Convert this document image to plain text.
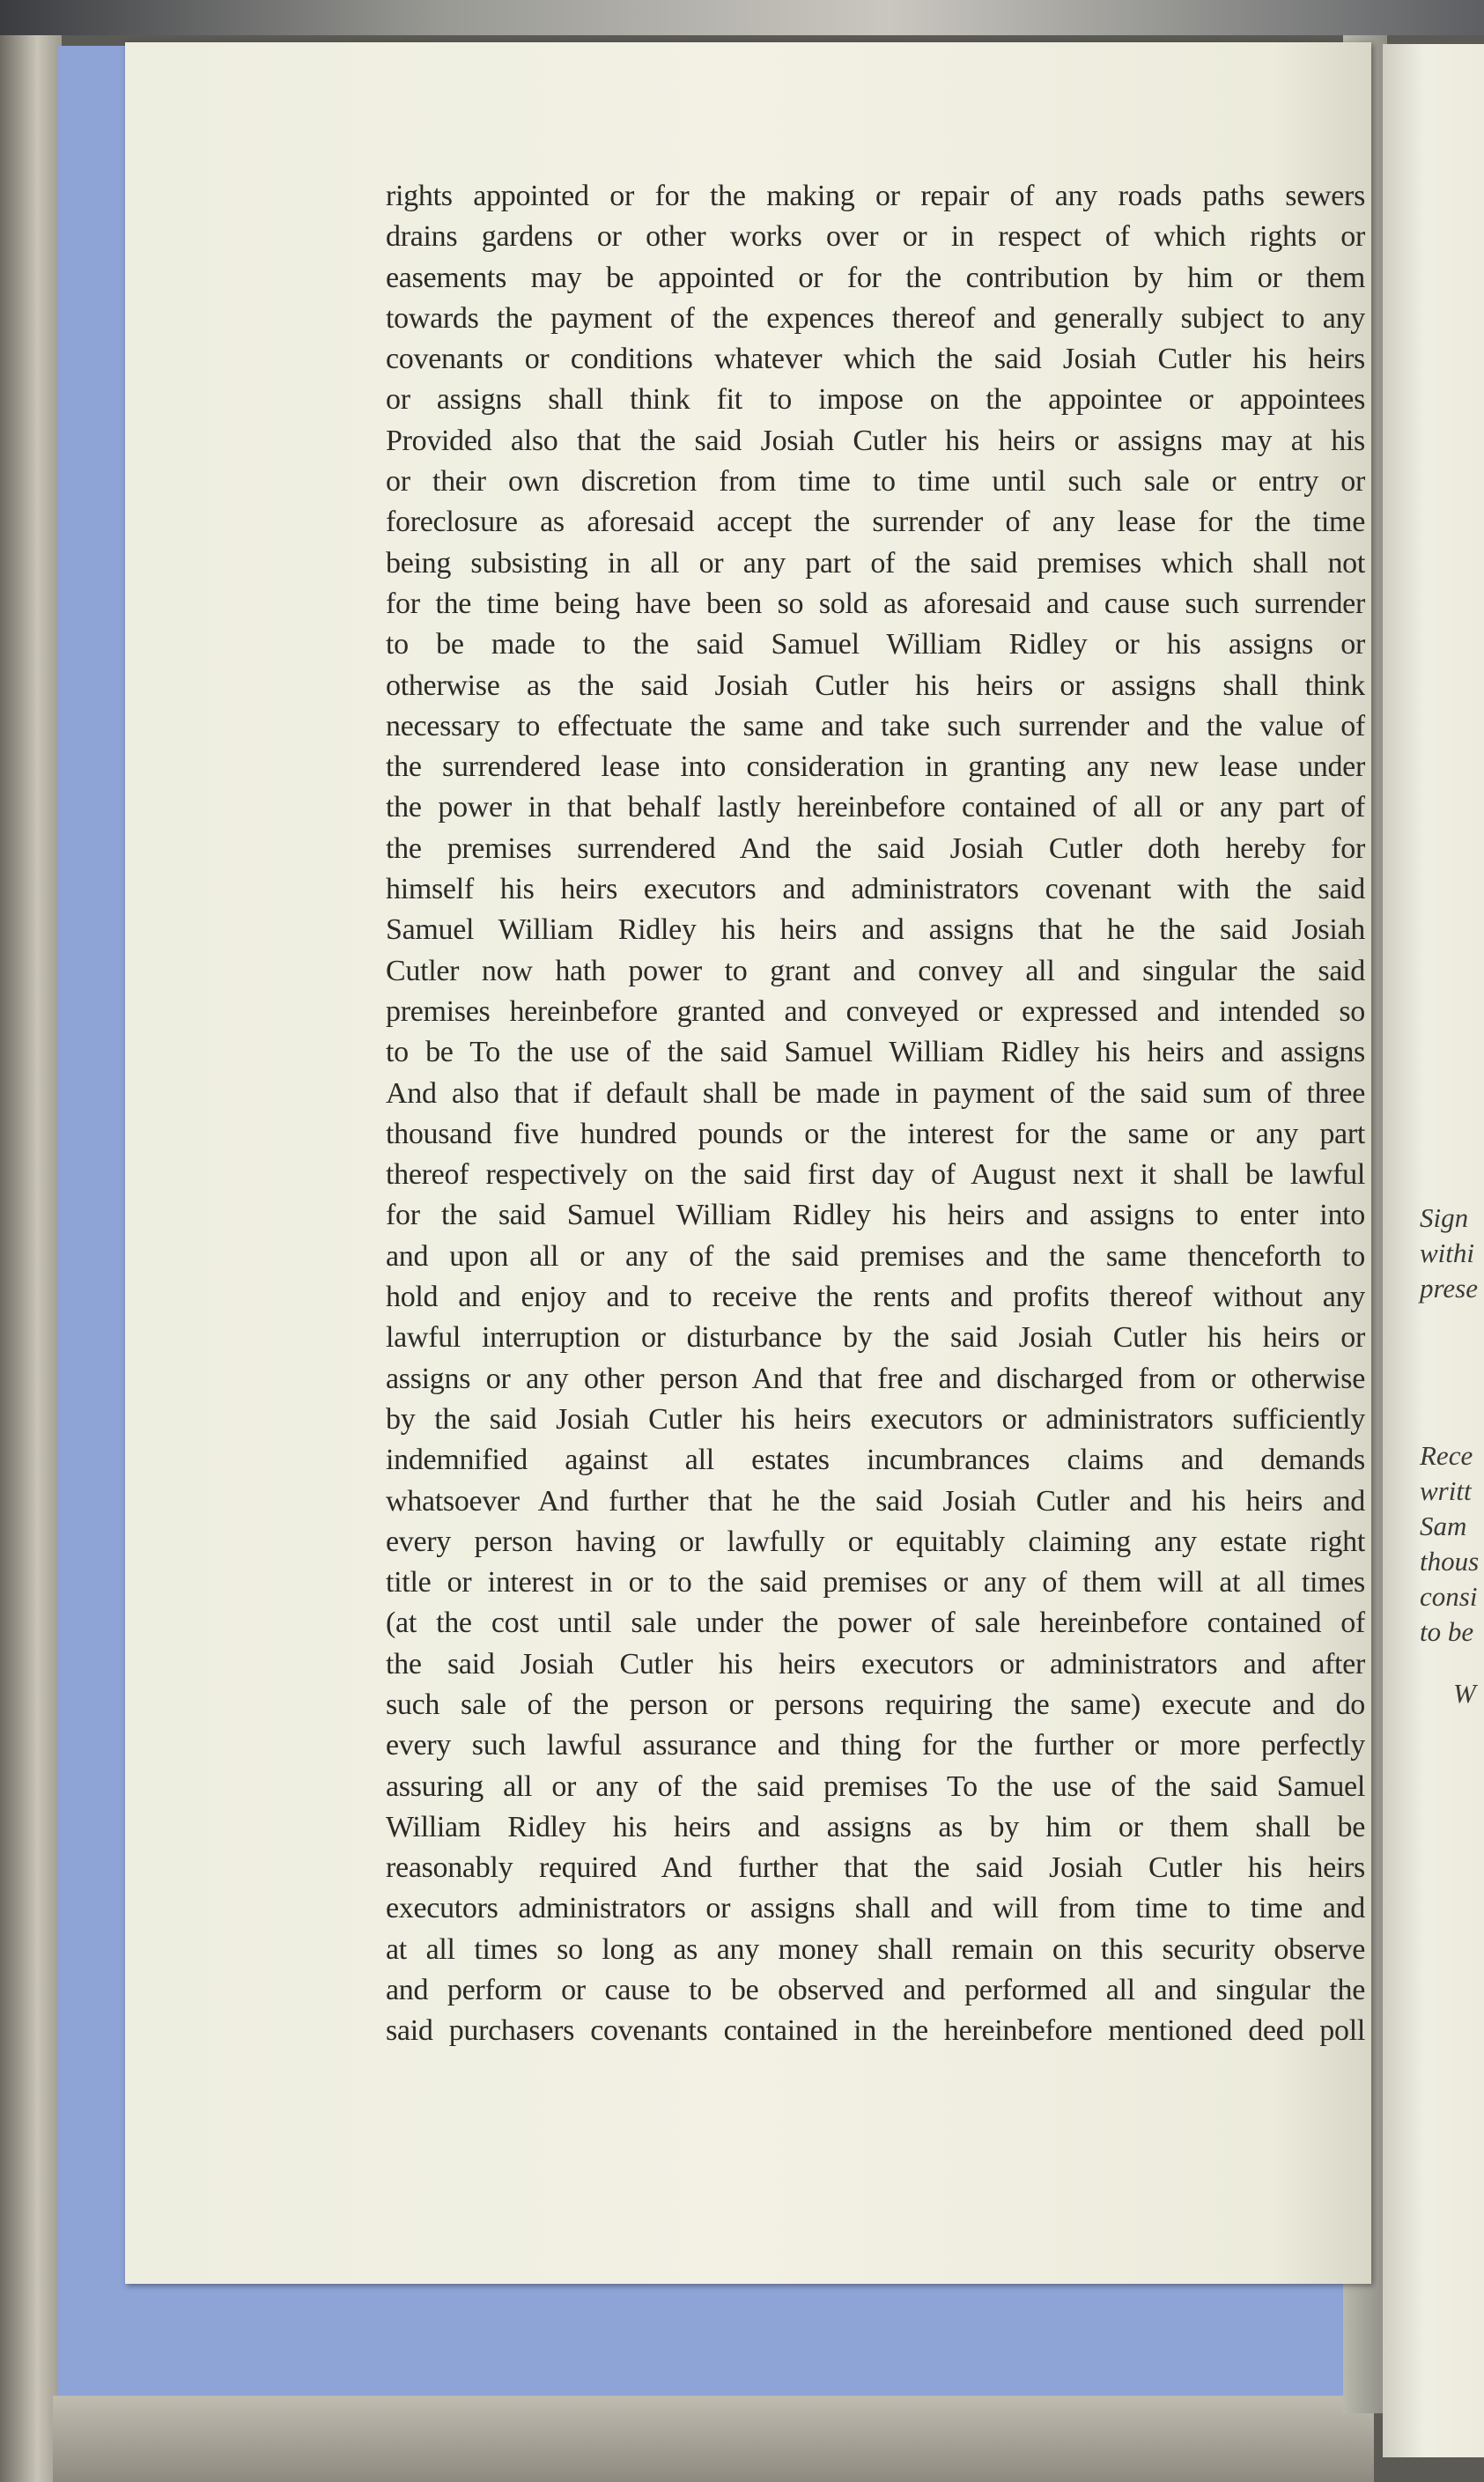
rights appointed or for the making or repair of any roads paths sewers
drains gardens or other works over or in respect of which rights or
easements may be appointed or for the contribution by him or them
towards the payment of the expences thereof and generally subject to any
covenants or conditions whatever which the said Josiah Cutler his heirs
or assigns shall think fit to impose on the appointee or appointees
Provided also that the said Josiah Cutler his heirs or assigns may at his
or their own discretion from time to time until such sale or entry or
foreclosure as aforesaid accept the surrender of any lease for the time
being subsisting in all or any part of the said premises which shall not
for the time being have been so sold as aforesaid and cause such surrender
to be made to the said Samuel William Ridley or his assigns or
otherwise as the said Josiah Cutler his heirs or assigns shall think
necessary to effectuate the same and take such surrender and the value of
the surrendered lease into consideration in granting any new lease under
the power in that behalf lastly hereinbefore contained of all or any part of
the premises surrendered And the said Josiah Cutler doth hereby for
himself his heirs executors and administrators covenant with the said
Samuel William Ridley his heirs and assigns that he the said Josiah
Cutler now hath power to grant and convey all and singular the said
premises hereinbefore granted and conveyed or expressed and intended so
to be To the use of the said Samuel William Ridley his heirs and assigns
And also that if default shall be made in payment of the said sum of three
thousand five hundred pounds or the interest for the same or any part
thereof respectively on the said first day of August next it shall be lawful
for the said Samuel William Ridley his heirs and assigns to enter into
and upon all or any of the said premises and the same thenceforth to
hold and enjoy and to receive the rents and profits thereof without any
lawful interruption or disturbance by the said Josiah Cutler his heirs or
assigns or any other person And that free and discharged from or otherwise
by the said Josiah Cutler his heirs executors or administrators sufficiently
indemnified against all estates incumbrances claims and demands
whatsoever And further that he the said Josiah Cutler and his heirs and
every person having or lawfully or equitably claiming any estate right
title or interest in or to the said premises or any of them will at all times
(at the cost until sale under the power of sale hereinbefore contained of
the said Josiah Cutler his heirs executors or administrators and after
such sale of the person or persons requiring the same) execute and do
every such lawful assurance and thing for the further or more perfectly
assuring all or any of the said premises To the use of the said Samuel
William Ridley his heirs and assigns as by him or them shall be
reasonably required And further that the said Josiah Cutler his heirs
executors administrators or assigns shall and will from time to time and
at all times so long as any money shall remain on this security observe
and perform or cause to be observed and performed all and singular the
said purchasers covenants contained in the hereinbefore mentioned deed poll
Sign
withi
prese
Rece
writt
Sam
thous
consi
to be
W
